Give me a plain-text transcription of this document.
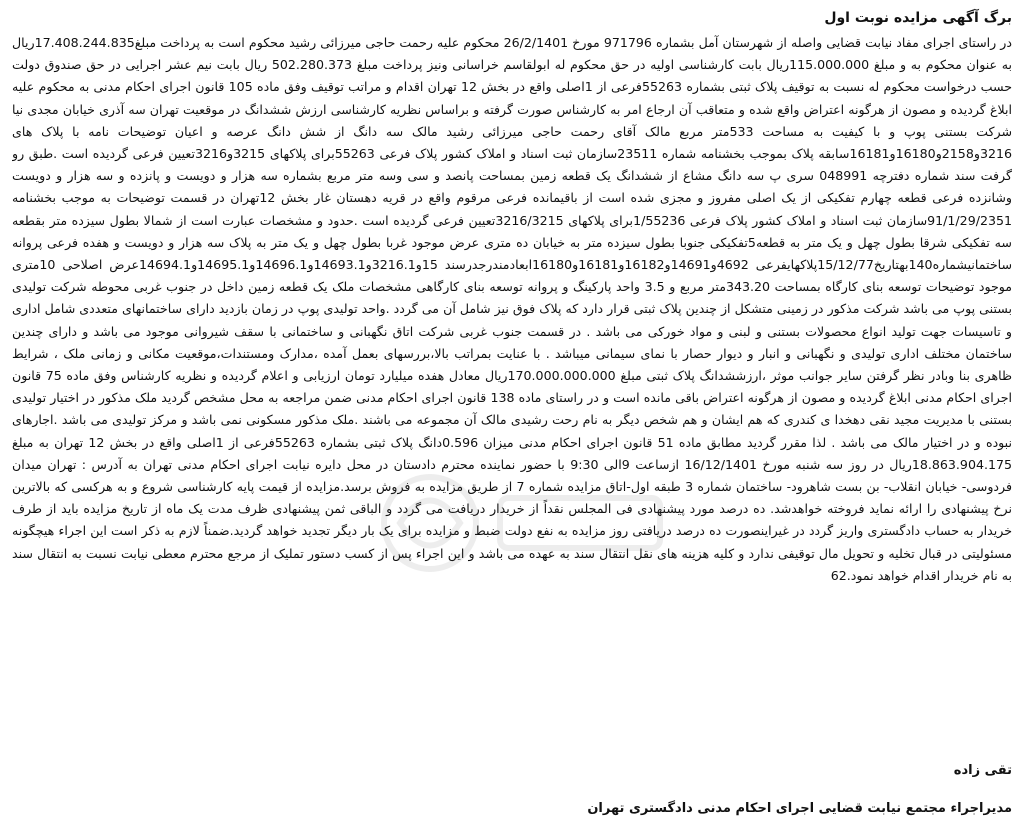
برگ آگهی مزایده نوبت اول

در راستای اجرای مفاد نیابت قضایی واصله از شهرستان آمل بشماره 971796 مورخ 26/2/1401 محکوم علیه رحمت حاجی میرزائی رشید محکوم است به پرداخت مبلغ17.408.244.835ریال به عنوان محکوم به و مبلغ 115.000.000ریال بابت کارشناسی اولیه در حق محکوم له ابولقاسم خراسانی ونیز پرداخت مبلغ 502.280.373 ریال بابت نیم عشر اجرایی در حق صندوق دولت حسب درخواست محکوم له نسبت به توقیف پلاک ثبتی بشماره 55263فرعی از 1اصلی واقع در بخش 12 تهران اقدام و مراتب توقیف وفق ماده 105 قانون اجرای احکام مدنی به محکوم علیه ابلاغ گردیده و مصون از هرگونه اعتراض واقع شده و متعاقب آن ارجاع امر به کارشناس صورت گرفته و براساس نظریه کارشناسی ارزش ششدانگ در موقعیت تهران سه آذری خیابان مجدی نیا شرکت بستنی پوپ و با کیفیت به مساحت 533متر مربع مالک آقای رحمت حاجی میرزائی رشید مالک سه دانگ از شش دانگ عرصه و اعیان توضیحات نامه با پلاک های 3216و2158و16180و16181سابقه پلاک بموجب بخشنامه شماره 23511سازمان ثبت اسناد و املاک کشور پلاک فرعی 55263برای پلاکهای 3215و3216تعیین فرعی گردیده است .طبق رو گرفت سند شماره دفترچه 048991 سری پ سه دانگ مشاع از ششدانگ یک قطعه زمین بمساحت پانصد و سی وسه متر مربع بشماره سه هزار و دویست و پانزده و سه هزار و دویست وشانزده فرعی قطعه چهارم تفکیکی از یک اصلی مفروز و مجزی شده است از باقیمانده فرعی مرقوم واقع در قریه دهستان غار بخش 12تهران در قسمت توضیحات به موجب بخشنامه 91/1/29/2351سازمان ثبت اسناد و املاک کشور پلاک فرعی 1/55236برای پلاکهای 3216/3215تعیین فرعی گردیده است .حدود و مشخصات عبارت است از شمالا بطول سیزده متر بقطعه سه تفکیکی شرقا بطول چهل و یک متر به قطعه5تفکیکی جنوبا بطول سیزده متر به خیابان ده متری عرض موجود غربا بطول چهل و یک متر به پلاک سه هزار و دویست و هفده فرعی پروانه ساختمانیشماره140بهتاریخ15/12/77پلاکهایفرعی 4692و14691و16182و16181و16180ابعادمندرجدرسند 15و3216.1و14693.1و14696.1و14695.1و14694.1عرض اصلاحی 10متری موجود توضیحات توسعه بنای کارگاه بمساحت 343.20متر مربع و 3.5 واحد پارکینگ و پروانه توسعه بنای کارگاهی مشخصات ملک یک قطعه زمین داخل در جنوب غربی محوطه شرکت تولیدی بستنی پوپ می باشد شرکت مذکور در زمینی متشکل از چندین پلاک ثبتی قرار دارد که پلاک فوق نیز شامل آن می گردد .واحد تولیدی پوپ در زمان بازدید دارای ساختمانهای متعددی شامل اداری و تاسیسات جهت تولید انواع محصولات بستنی و لبنی و مواد خورکی می باشد . در قسمت جنوب غربی شرکت اتاق نگهبانی و ساختمانی با سقف شیروانی موجود می باشد و دارای چندین ساختمان مختلف اداری تولیدی و نگهبانی و انبار و دیوار حصار با نمای سیمانی میباشد . با عنایت بمراتب بالا،بررسهای بعمل آمده ،مدارک ومستندات،موقعیت مکانی و زمانی ملک ، شرایط ظاهری بنا وبادر نظر گرفتن سایر جوانب موثر ،ارزششدانگ پلاک ثبتی مبلغ 170.000.000.000ریال معادل هفده میلیارد تومان ارزیابی و اعلام گردیده و نظریه کارشناس وفق ماده 75 قانون اجرای احکام مدنی ابلاغ گردیده و مصون از هرگونه اعتراض باقی مانده است و در راستای ماده 138 قانون اجرای احکام مدنی ضمن مراجعه به محل مشخص گردید ملک مذکور در اختیار تولیدی بستنی با مدیریت مجید نقی دهخدا ی کندری که هم ایشان و هم شخص دیگر به نام رحت رشیدی مالک آن مجموعه می باشند .ملک مذکور مسکونی نمی باشد و مرکز تولیدی می باشد .اجارهای نبوده و در اختیار مالک می باشد . لذا مقرر گردید مطابق ماده 51 قانون اجرای احکام مدنی میزان 0.596دانگ پلاک ثبتی بشماره 55263فرعی از 1اصلی واقع در بخش 12 تهران به مبلغ 18.863.904.175ریال در روز سه شنبه مورخ 16/12/1401 ازساعت 9الی 9:30 با حضور نماینده محترم دادستان در محل دایره نیابت اجرای احکام مدنی تهران به آدرس : تهران میدان فردوسی- خیابان انقلاب- بن بست شاهرود- ساختمان شماره 3 طبقه اول-اتاق مزایده شماره 7 از طریق مزایده به فروش برسد.مزایده از قیمت پایه کارشناسی شروع و به هرکسی که بالاترین نرخ پیشنهادی را ارائه نماید فروخته خواهدشد. ده درصد مورد پیشنهادی فی المجلس نقداً از خریدار دریافت می گردد و الباقی ثمن پیشنهادی ظرف مدت یک ماه از تاریخ مزایده باید از طرف خریدار به حساب دادگستری واریز گردد در غیراینصورت ده درصد دریافتی روز مزایده به نفع دولت ضبط و مزایده برای یک بار دیگر تجدید خواهد گردید.ضمناً لازم به ذکر است این اجراء هیچگونه مسئولیتی در قبال تخلیه و تحویل مال توقیفی ندارد و کلیه هزینه های نقل انتقال سند به عهده می باشد و این اجراء پس از کسب دستور تملیک از مرجع محترم معطی نیابت نسبت به انتقال سند به نام خریدار اقدام خواهد نمود.62

تقی زاده
مدیراجراء مجتمع نیابت قضایی اجرای احکام مدنی دادگستری تهران
